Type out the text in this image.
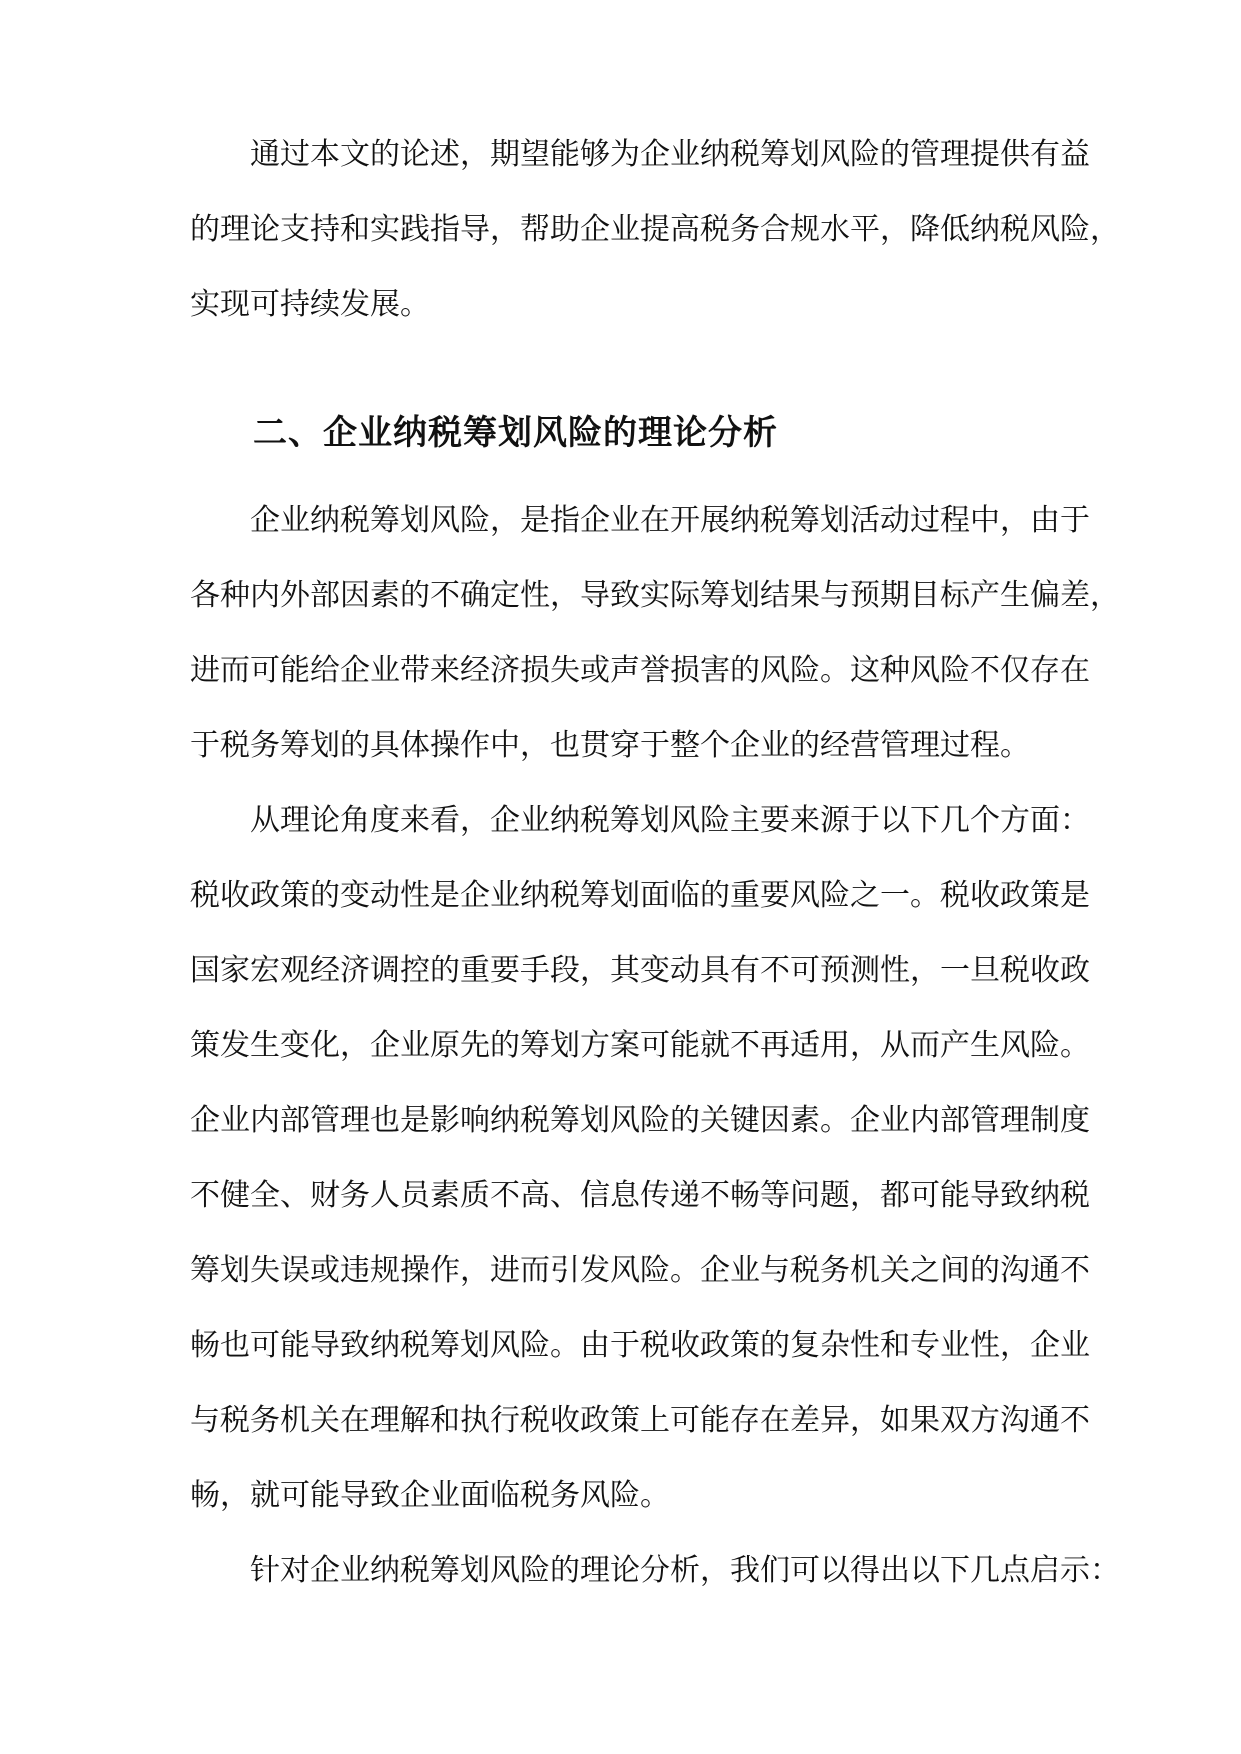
　　通过本文的论述，期望能够为企业纳税筹划风险的管理提供有益
的理论支持和实践指导，帮助企业提高税务合规水平，降低纳税风险，
实现可持续发展。
二、企业纳税筹划风险的理论分析
　　企业纳税筹划风险，是指企业在开展纳税筹划活动过程中，由于
各种内外部因素的不确定性，导致实际筹划结果与预期目标产生偏差，
进而可能给企业带来经济损失或声誉损害的风险。这种风险不仅存在
于税务筹划的具体操作中，也贯穿于整个企业的经营管理过程。
　　从理论角度来看，企业纳税筹划风险主要来源于以下几个方面：
税收政策的变动性是企业纳税筹划面临的重要风险之一。税收政策是
国家宏观经济调控的重要手段，其变动具有不可预测性，一旦税收政
策发生变化，企业原先的筹划方案可能就不再适用，从而产生风险。
企业内部管理也是影响纳税筹划风险的关键因素。企业内部管理制度
不健全、财务人员素质不高、信息传递不畅等问题，都可能导致纳税
筹划失误或违规操作，进而引发风险。企业与税务机关之间的沟通不
畅也可能导致纳税筹划风险。由于税收政策的复杂性和专业性，企业
与税务机关在理解和执行税收政策上可能存在差异，如果双方沟通不
畅，就可能导致企业面临税务风险。
　　针对企业纳税筹划风险的理论分析，我们可以得出以下几点启示：
